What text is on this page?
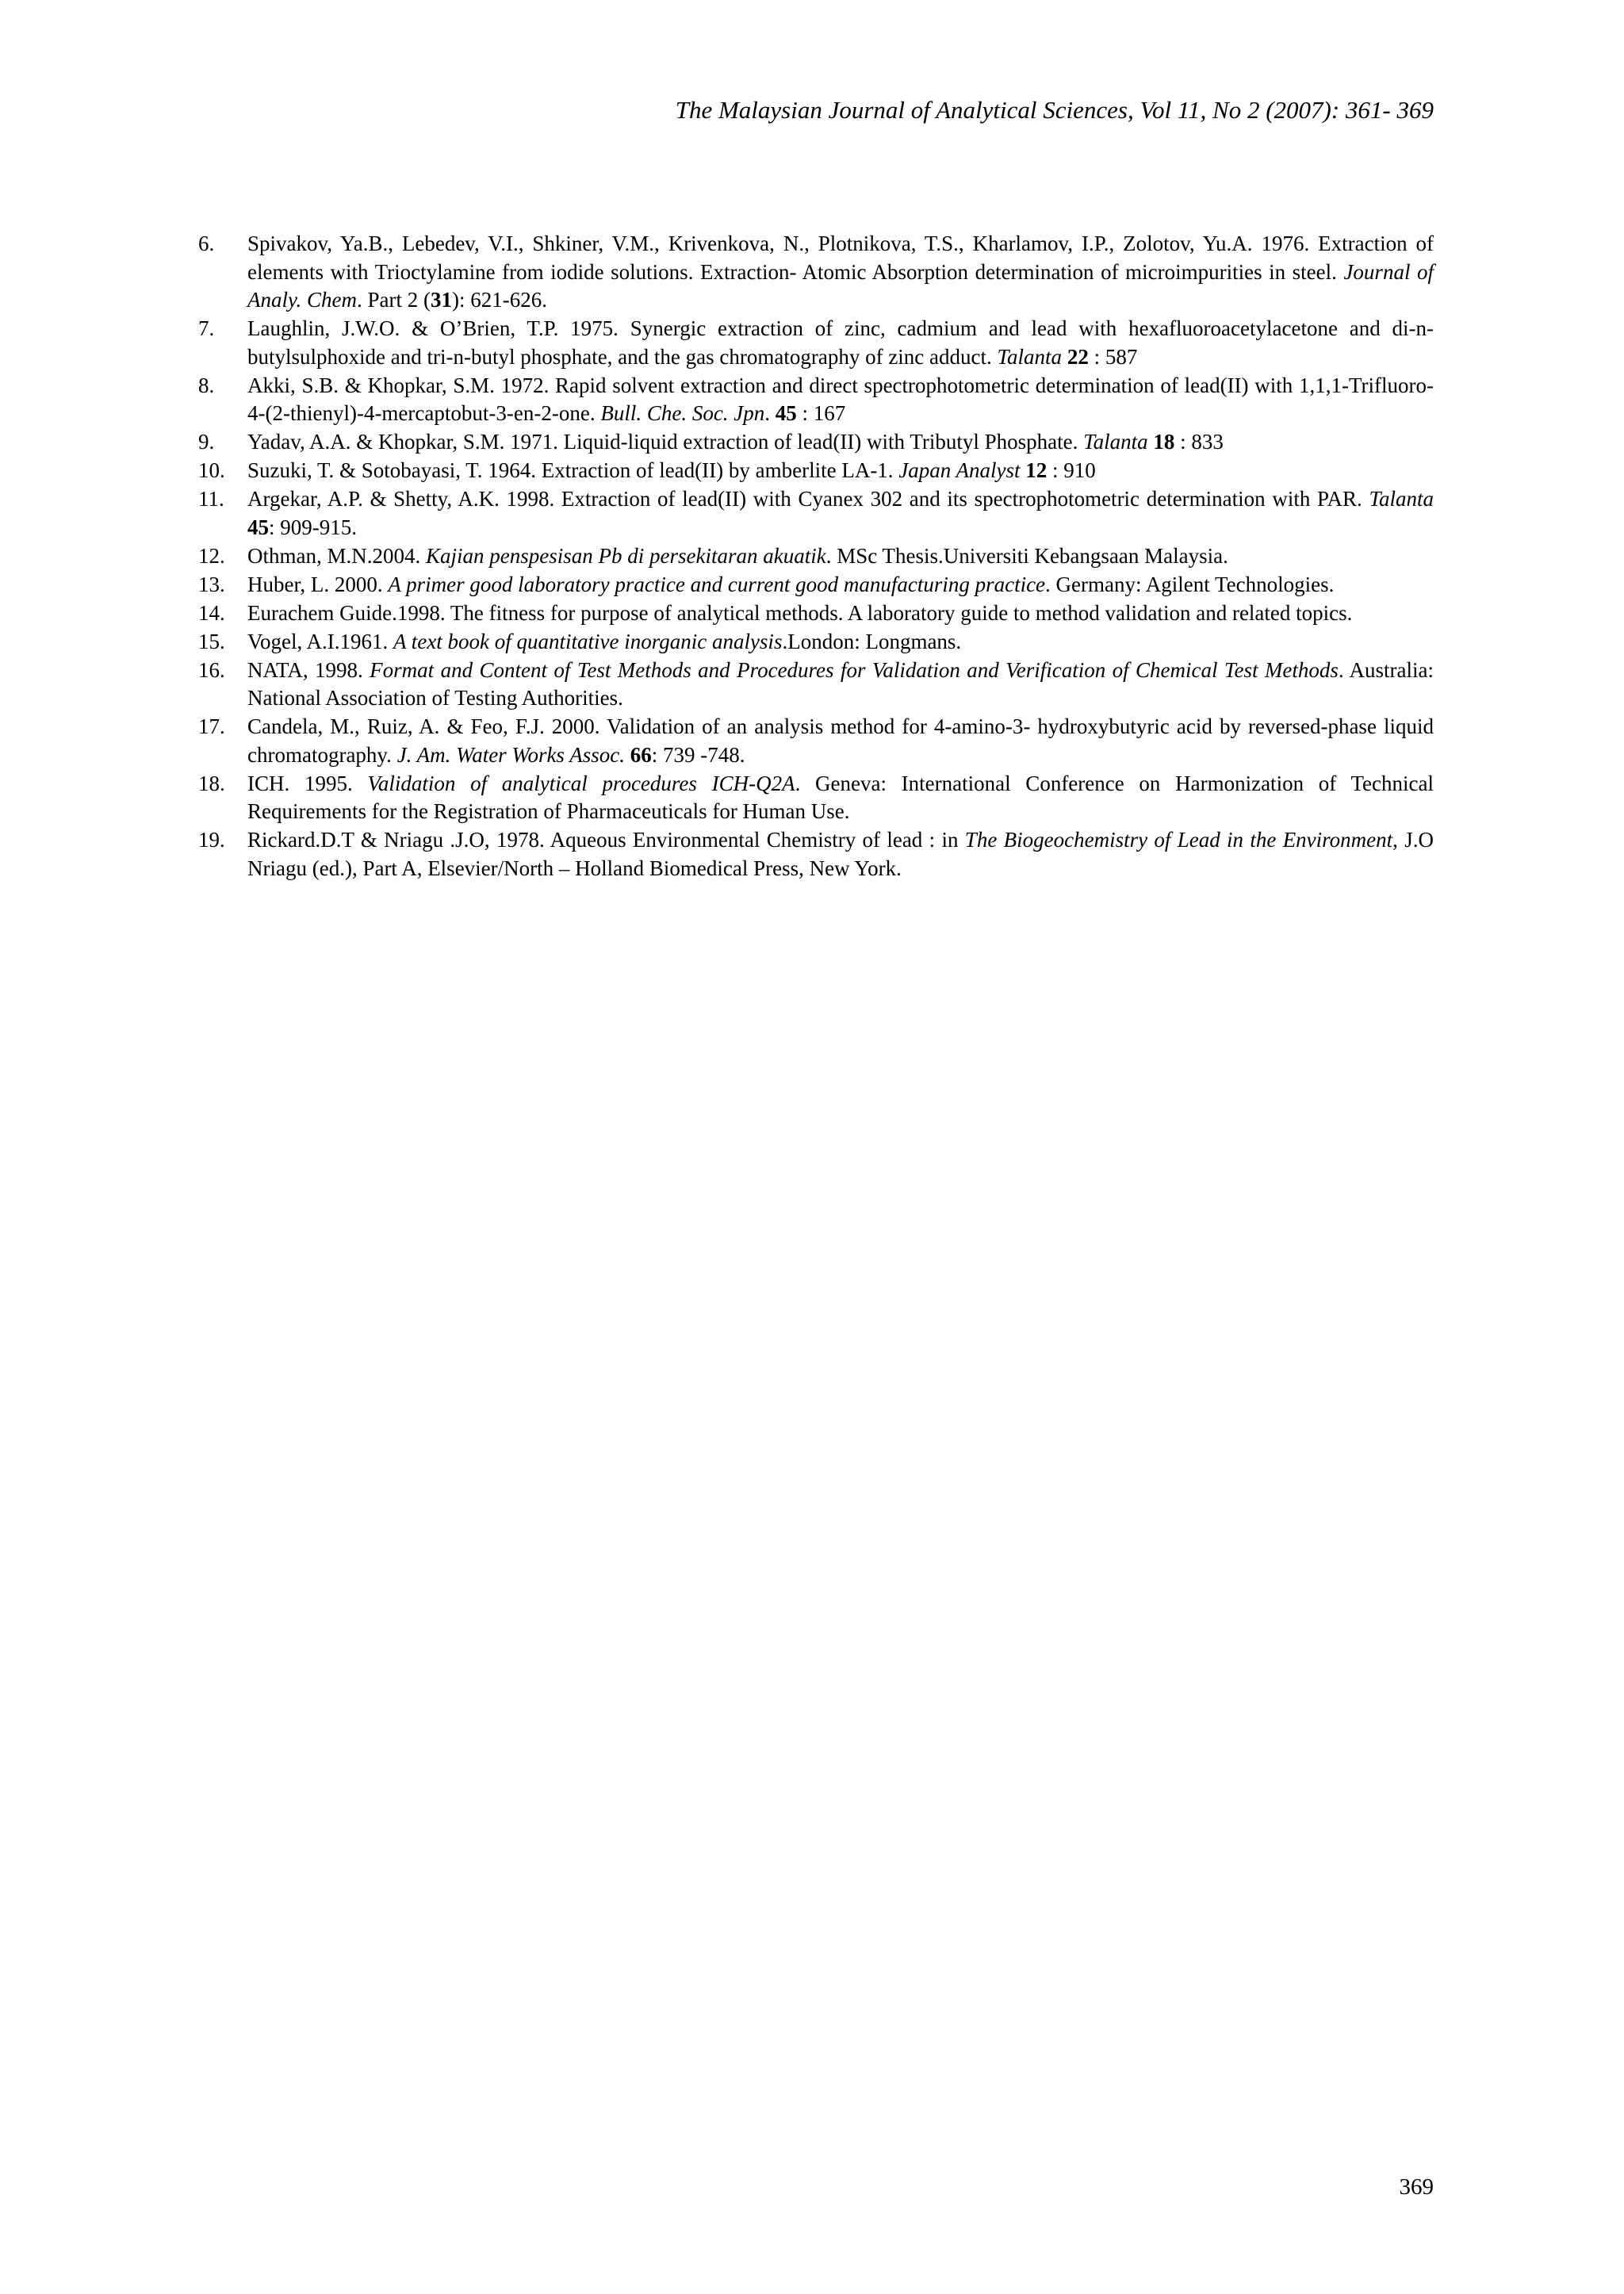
The Malaysian Journal of Analytical Sciences, Vol 11, No 2 (2007): 361- 369
6.	Spivakov, Ya.B., Lebedev, V.I., Shkiner, V.M., Krivenkova, N., Plotnikova, T.S., Kharlamov, I.P., Zolotov, Yu.A. 1976. Extraction of elements with Trioctylamine from iodide solutions. Extraction- Atomic Absorption determination of microimpurities in steel. Journal of Analy. Chem. Part 2 (31): 621-626.
7.	Laughlin, J.W.O. & O’Brien, T.P. 1975. Synergic extraction of zinc, cadmium and lead with hexafluoroacetylacetone and di-n-butylsulphoxide and tri-n-butyl phosphate, and the gas chromatography of zinc adduct. Talanta 22 : 587
8.	Akki, S.B. & Khopkar, S.M. 1972. Rapid solvent extraction and direct spectrophotometric determination of lead(II) with 1,1,1-Trifluoro-4-(2-thienyl)-4-mercaptobut-3-en-2-one. Bull. Che. Soc. Jpn. 45 : 167
9.	Yadav, A.A. & Khopkar, S.M. 1971. Liquid-liquid extraction of lead(II) with Tributyl Phosphate. Talanta 18 : 833
10.	Suzuki, T. & Sotobayasi, T. 1964. Extraction of lead(II) by amberlite LA-1. Japan Analyst 12 : 910
11.	Argekar, A.P. & Shetty, A.K. 1998. Extraction of lead(II) with Cyanex 302 and its spectrophotometric determination with PAR. Talanta 45: 909-915.
12.	Othman, M.N.2004. Kajian penspesisan Pb di persekitaran akuatik. MSc Thesis.Universiti Kebangsaan Malaysia.
13.	Huber, L. 2000. A primer good laboratory practice and current good manufacturing practice. Germany: Agilent Technologies.
14.	Eurachem Guide.1998. The fitness for purpose of analytical methods. A laboratory guide to method validation and related topics.
15.	Vogel, A.I.1961. A text book of quantitative inorganic analysis.London: Longmans.
16.	NATA, 1998. Format and Content of Test Methods and Procedures for Validation and Verification of Chemical Test Methods. Australia: National Association of Testing Authorities.
17.	Candela, M., Ruiz, A. & Feo, F.J. 2000. Validation of an analysis method for 4-amino-3- hydroxybutyric acid by reversed-phase liquid chromatography. J. Am. Water Works Assoc. 66: 739 -748.
18.	ICH. 1995. Validation of analytical procedures ICH-Q2A. Geneva: International Conference on Harmonization of Technical Requirements for the Registration of Pharmaceuticals for Human Use.
19.	Rickard.D.T & Nriagu .J.O, 1978. Aqueous Environmental Chemistry of lead : in The Biogeochemistry of Lead in the Environment, J.O Nriagu (ed.), Part A, Elsevier/North – Holland Biomedical Press, New York.
369
